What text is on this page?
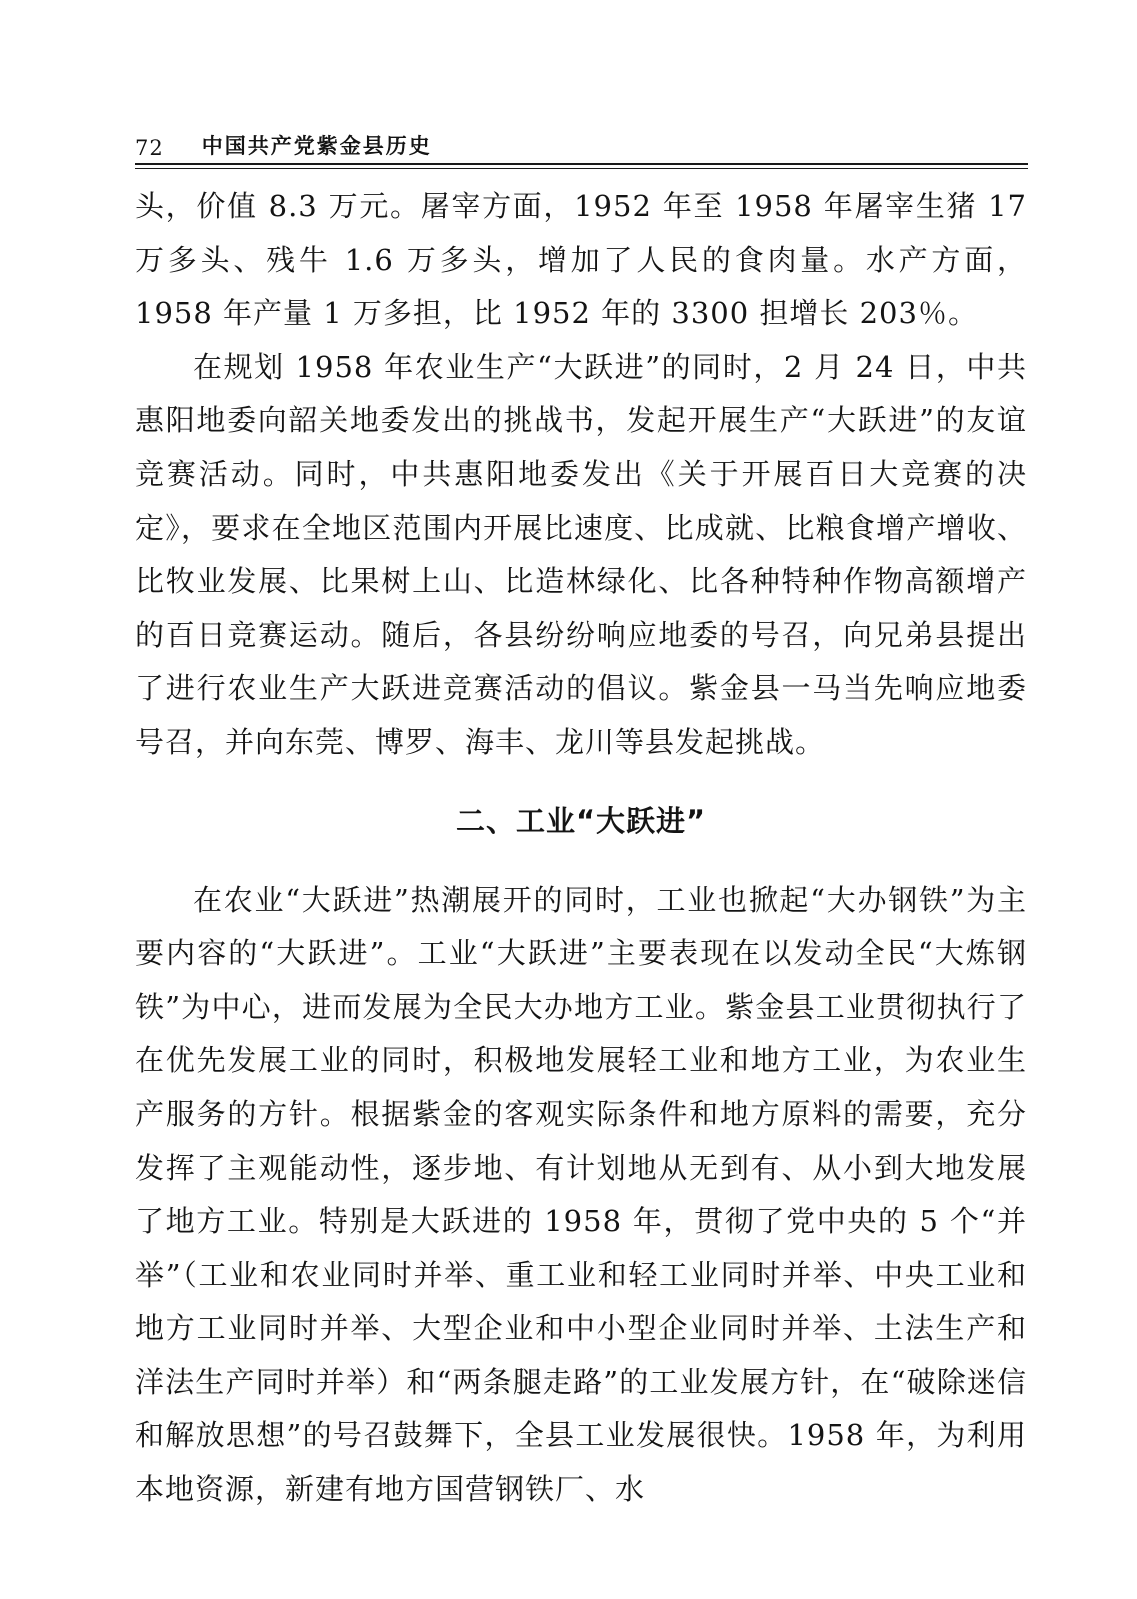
72 中国共产党紫金县历史

头，价值 8.3 万元。屠宰方面，1952 年至 1958 年屠宰生猪 17 万多头、残牛 1.6 万多头，增加了人民的食肉量。水产方面，1958 年产量 1 万多担，比 1952 年的 3300 担增长 203％。

在规划 1958 年农业生产“大跃进”的同时，2 月 24 日，中共惠阳地委向韶关地委发出的挑战书，发起开展生产“大跃进”的友谊竞赛活动。同时，中共惠阳地委发出《关于开展百日大竞赛的决定》，要求在全地区范围内开展比速度、比成就、比粮食增产增收、比牧业发展、比果树上山、比造林绿化、比各种特种作物高额增产的百日竞赛运动。随后，各县纷纷响应地委的号召，向兄弟县提出了进行农业生产大跃进竞赛活动的倡议。紫金县一马当先响应地委号召，并向东莞、博罗、海丰、龙川等县发起挑战。

二、工业“大跃进”

在农业“大跃进”热潮展开的同时，工业也掀起“大办钢铁”为主要内容的“大跃进”。工业“大跃进”主要表现在以发动全民“大炼钢铁”为中心，进而发展为全民大办地方工业。紫金县工业贯彻执行了在优先发展工业的同时，积极地发展轻工业和地方工业，为农业生产服务的方针。根据紫金的客观实际条件和地方原料的需要，充分发挥了主观能动性，逐步地、有计划地从无到有、从小到大地发展了地方工业。特别是大跃进的 1958 年，贯彻了党中央的 5 个“并举”（工业和农业同时并举、重工业和轻工业同时并举、中央工业和地方工业同时并举、大型企业和中小型企业同时并举、土法生产和洋法生产同时并举）和“两条腿走路”的工业发展方针，在“破除迷信和解放思想”的号召鼓舞下，全县工业发展很快。1958 年，为利用本地资源，新建有地方国营钢铁厂、水
